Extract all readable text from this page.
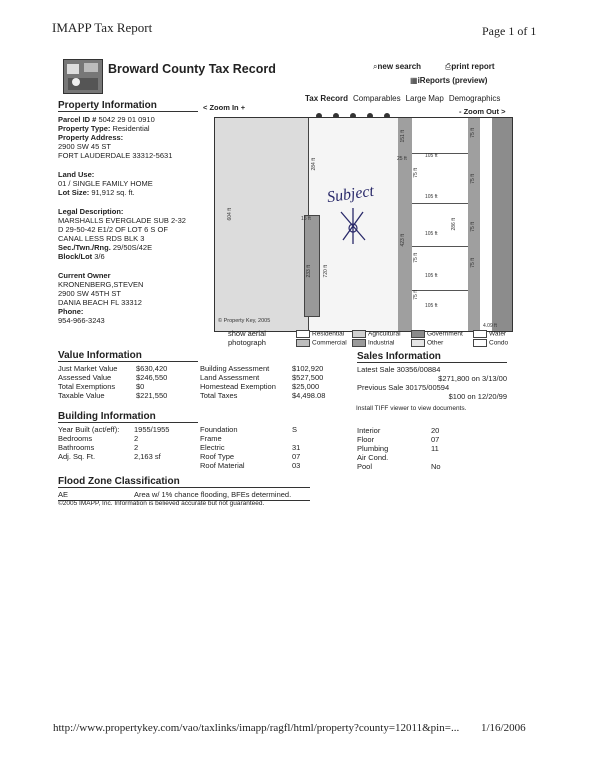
IMAPP Tax Report	Page 1 of 1
Broward County Tax Record	⌕new search	⎙print report
▦iReports (preview)
Tax Record Comparables Large Map Demographics
< Zoom In +	- Zoom Out >
Property Information
Parcel ID # 5042 29 01 0910
Property Type: Residential
Property Address:
2900 SW 45 ST
FORT LAUDERDALE 33312-5631
Land Use:
01 / SINGLE FAMILY HOME
Lot Size: 91,912 sq. ft.
Legal Description:
MARSHALLS EVERGLADE SUB 2-32
D 29-50-42 E1/2 OF LOT 6 S OF
CANAL LESS RDS BLK 3
Sec./Twn./Rng. 29/50S/42E
Block/Lot 3/6
Current Owner
KRONENBERG,STEVEN
2900 SW 45TH ST
DANIA BEACH FL 33312
Phone:
954-966-3243
151 ft
105 ft
75 ft
105 ft
75 ft
105 ft
286 ft	75 ft
105 ft
75 ft
284 ft
15 ft
233 ft 720 ft
423 ft
75 ft
75 ft
105 ft
4.09 ft
604 ft
25 ft
75 ft
Subject
© Property Key, 2005
show aerial photograph
Residential	Agricultural	Government	Water
Commercial	Industrial	Other	Condo
Value Information
Just Market Value	$630,420
Assessed Value	$246,550
Total Exemptions	$0
Taxable Value	$221,550
Building Assessment	$102,920
Land Assessment	$527,500
Homestead Exemption	$25,000
Total Taxes	$4,498.08
Sales Information
Latest Sale 30356/00884
$271,800 on 3/13/00
Previous Sale 30175/00594
$100 on 12/20/99
Install TIFF viewer to view documents.
Building Information
Year Built (act/eff):	1955/1955
Bedrooms	2
Bathrooms	2
Adj. Sq. Ft.	2,163 sf
Foundation	S
Frame
Electric	31
Roof Type	07
Roof Material	03
Interior	20
Floor	07
Plumbing	11
Air Cond.
Pool	No
Flood Zone Classification
AE	Area w/ 1% chance flooding, BFEs determined.
©2005 IMAPP, Inc. Information is believed accurate but not guaranteed.
http://www.propertykey.com/vao/taxlinks/imapp/ragfl/html/property?county=12011&pin=... 1/16/2006
